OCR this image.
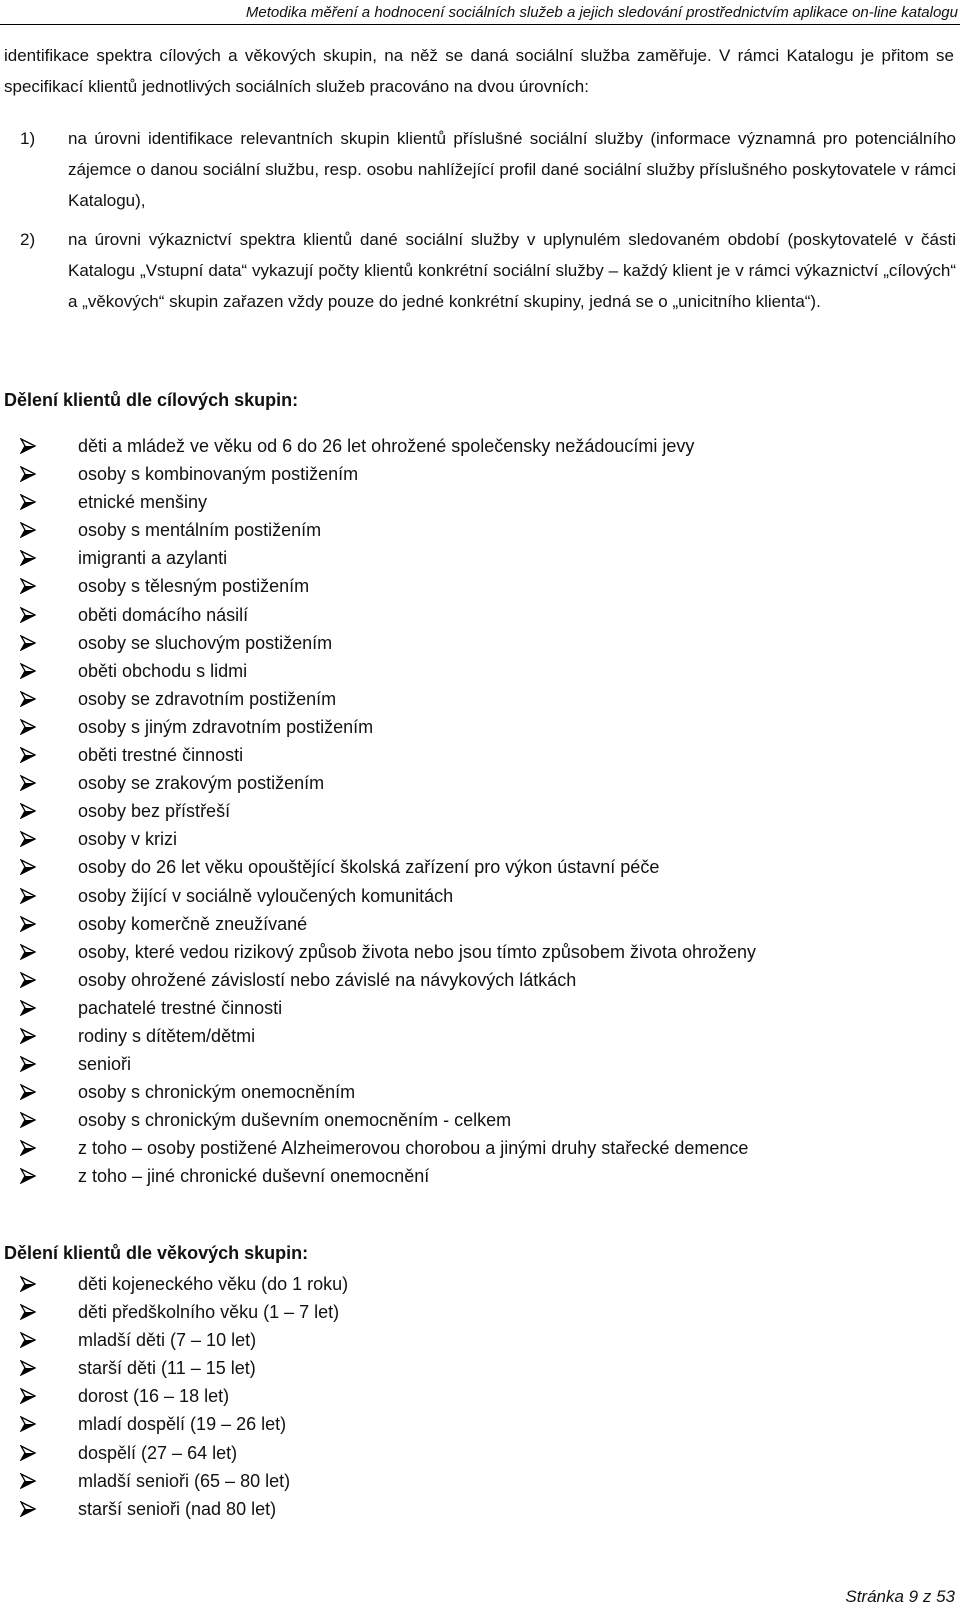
Metodika měření a hodnocení sociálních služeb a jejich sledování prostřednictvím aplikace on-line katalogu

identifikace spektra cílových a věkových skupin, na něž se daná sociální služba zaměřuje. V rámci Katalogu je přitom se specifikací klientů jednotlivých sociálních služeb pracováno na dvou úrovních:

1) na úrovni identifikace relevantních skupin klientů příslušné sociální služby (informace významná pro potenciálního zájemce o danou sociální službu, resp. osobu nahlížející profil dané sociální služby příslušného poskytovatele v rámci Katalogu),
2) na úrovni výkaznictví spektra klientů dané sociální služby v uplynulém sledovaném období (poskytovatelé v části Katalogu „Vstupní data“ vykazují počty klientů konkrétní sociální služby – každý klient je v rámci výkaznictví „cílových“ a „věkových“ skupin zařazen vždy pouze do jedné konkrétní skupiny, jedná se o „unicitního klienta“).
Dělení klientů dle cílových skupin:
děti a mládež ve věku od 6 do 26 let ohrožené společensky nežádoucími jevy
osoby s kombinovaným postižením
etnické menšiny
osoby s mentálním postižením
imigranti a azylanti
osoby s tělesným postižením
oběti domácího násilí
osoby se sluchovým postižením
oběti obchodu s lidmi
osoby se zdravotním postižením
osoby s jiným zdravotním postižením
oběti trestné činnosti
osoby se zrakovým postižením
osoby bez přístřeší
osoby v krizi
osoby do 26 let věku opouštějící školská zařízení pro výkon ústavní péče
osoby žijící v sociálně vyloučených komunitách
osoby komerčně zneužívané
osoby, které vedou rizikový způsob života nebo jsou tímto způsobem života ohroženy
osoby ohrožené závislostí nebo závislé na návykových látkách
pachatelé trestné činnosti
rodiny s dítětem/dětmi
senioři
osoby s chronickým onemocněním
osoby s chronickým duševním onemocněním - celkem
z toho – osoby postižené Alzheimerovou chorobou a jinými druhy stařecké demence
z toho – jiné chronické duševní onemocnění
Dělení klientů dle věkových skupin:
děti kojeneckého věku (do 1 roku)
děti předškolního věku (1 – 7 let)
mladší děti (7 – 10 let)
starší děti (11 – 15 let)
dorost (16 – 18 let)
mladí dospělí (19 – 26 let)
dospělí (27 – 64 let)
mladší senioři (65 – 80 let)
starší senioři (nad 80 let)
Stránka 9 z 53
